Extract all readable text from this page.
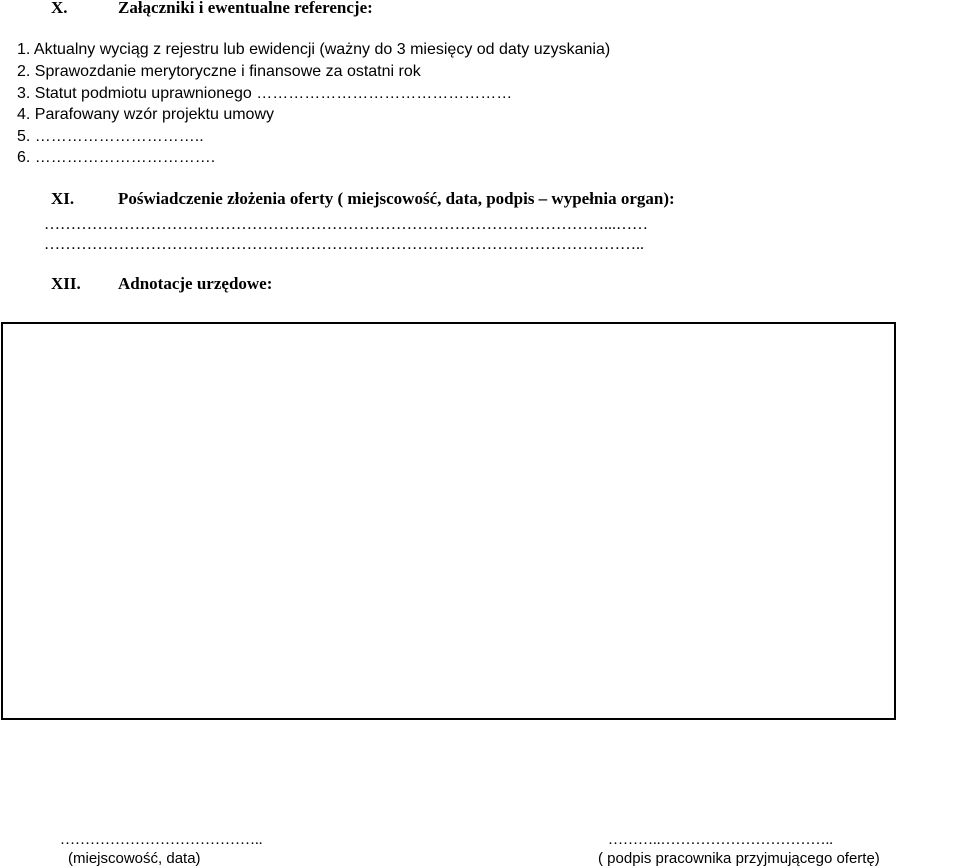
X.	Załączniki i ewentualne referencje:
1. Aktualny wyciąg z rejestru lub ewidencji (ważny do 3 miesięcy od daty uzyskania)
2. Sprawozdanie merytoryczne i finansowe za ostatni rok
3. Statut podmiotu uprawnionego …………………………………………
4. Parafowany wzór projektu umowy
5. …………………………..
6. …………………………….
XI.	Poświadczenie złożenia oferty ( miejscowość, data, podpis – wypełnia organ):
……………………………………………………………………………………………...……
…………………………………………………………………………………………………..
XII. Adnotacje urzędowe:
…………………………………..
(miejscowość, data)
………..……………………………..
( podpis pracownika przyjmującego ofertę)
